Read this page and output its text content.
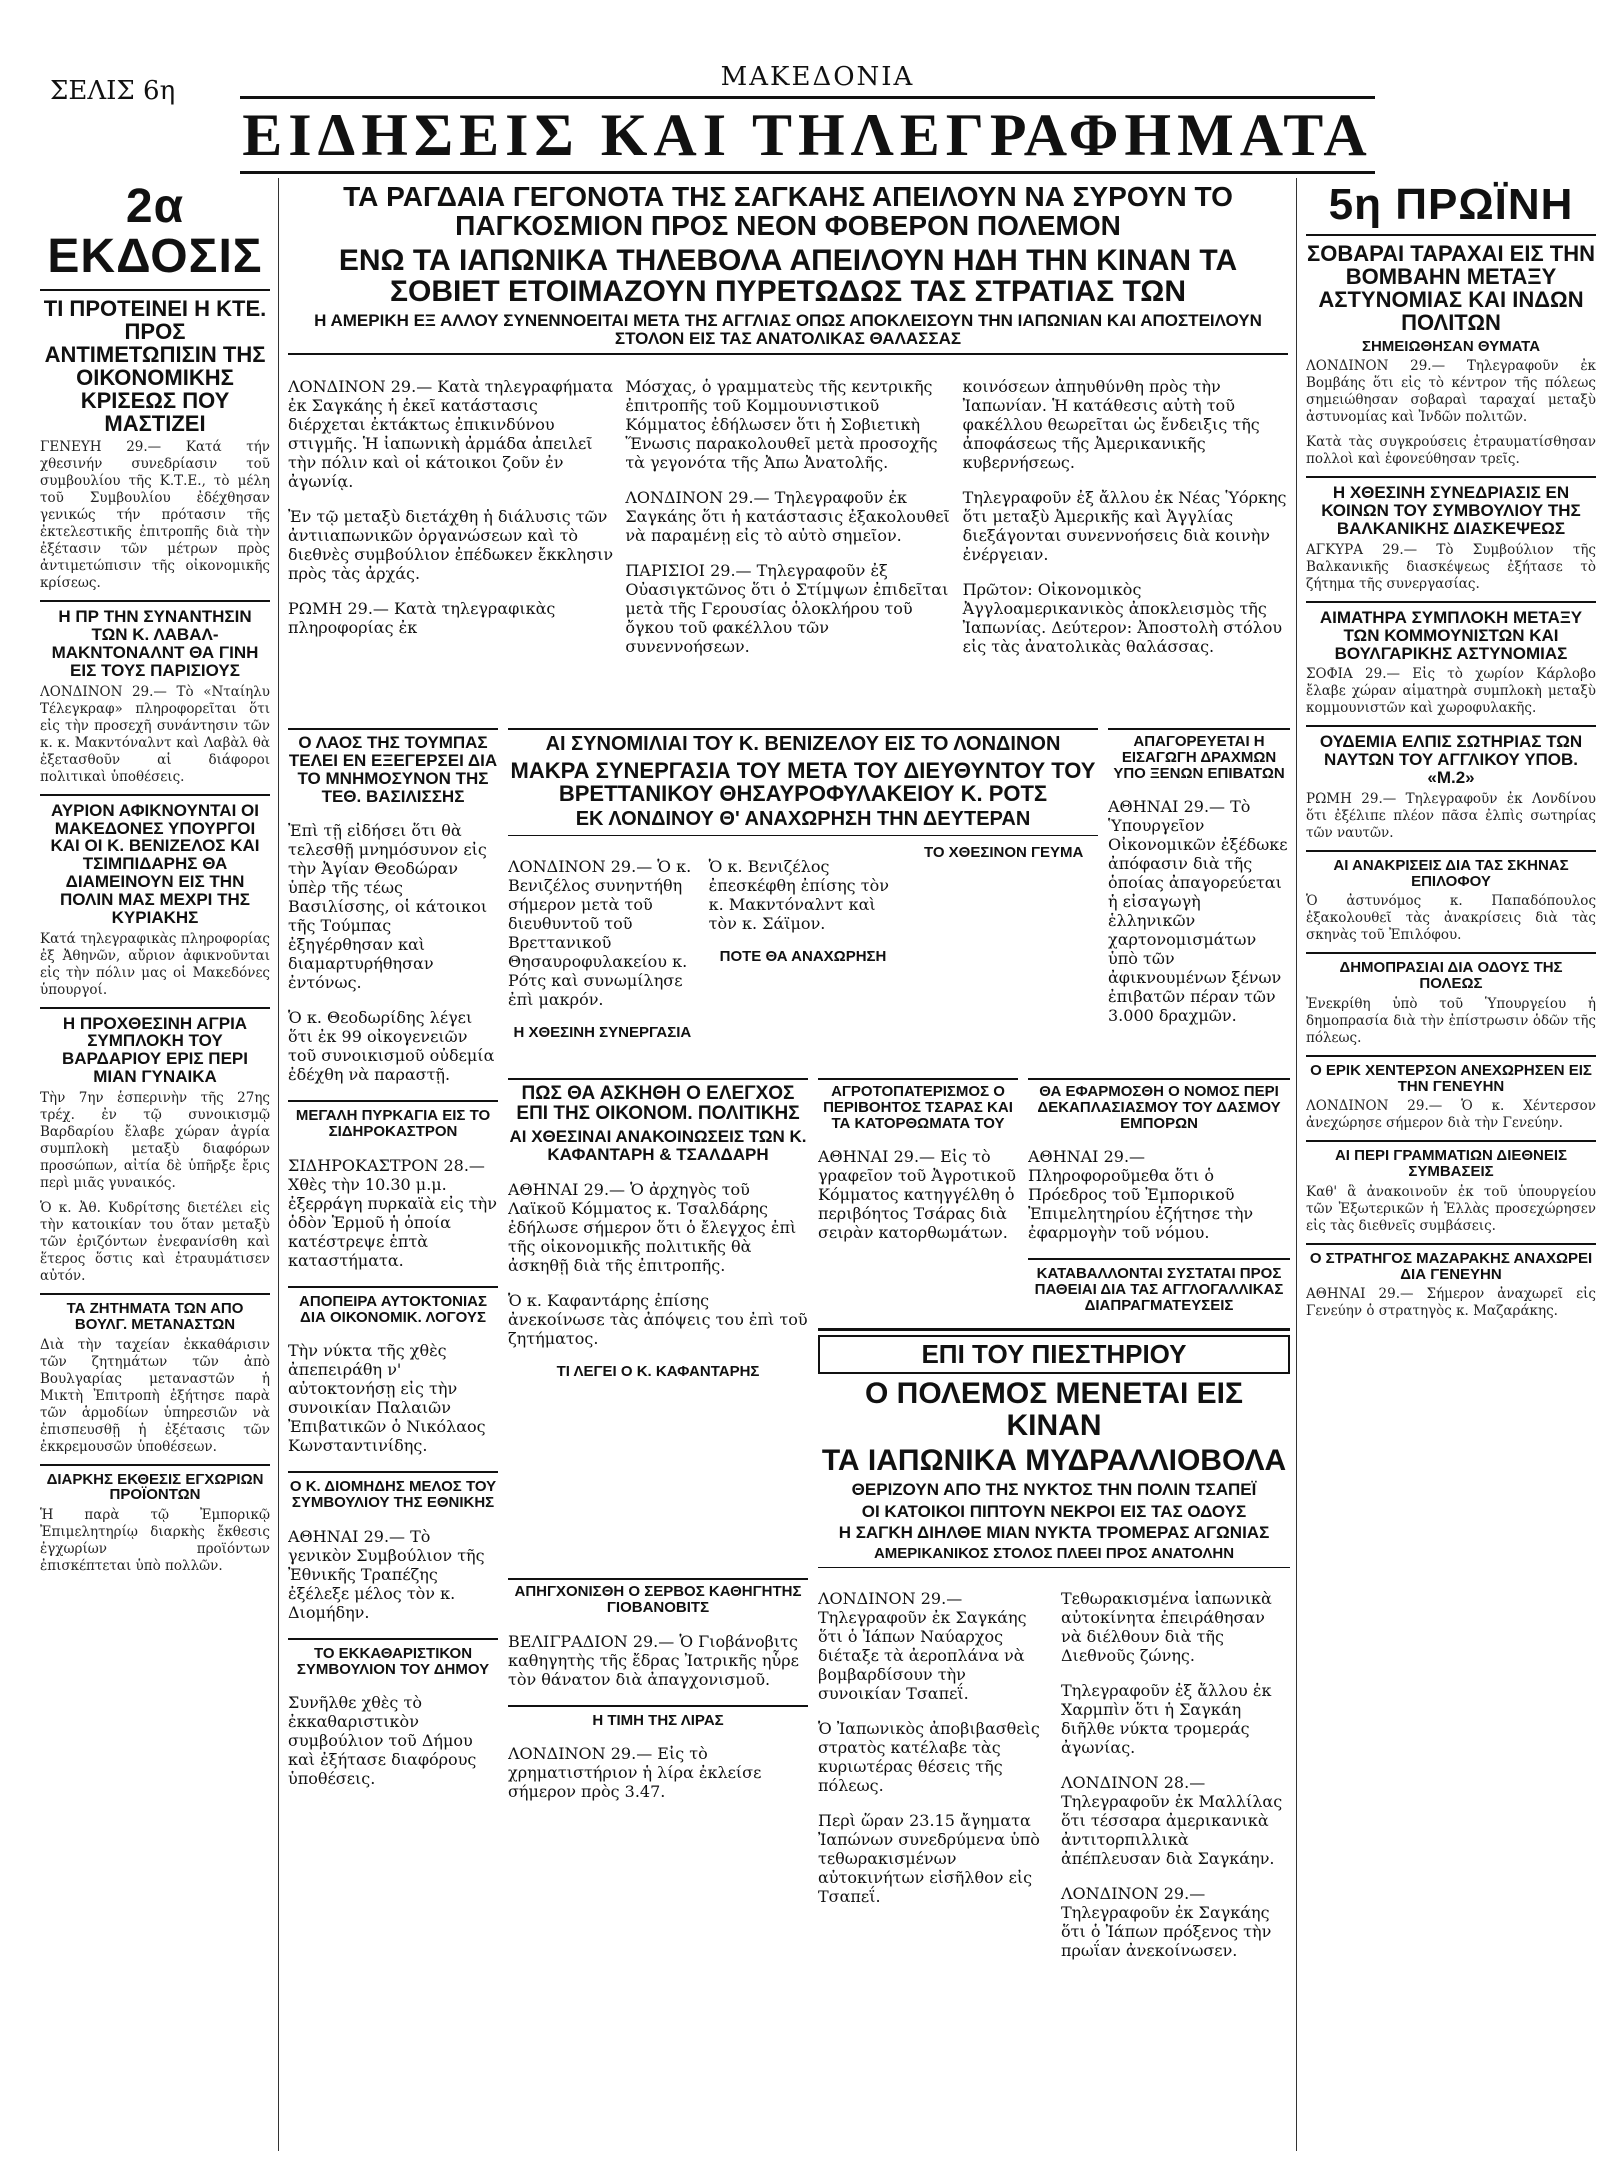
ΣΕΛΙΣ 6η	ΜΑΚΕΔΟΝΙΑ
ΕΙΔΗΣΕΙΣ ΚΑΙ ΤΗΛΕΓΡΑΦΗΜΑΤΑ
2α ΕΚΔΟΣΙΣ
ΤΙ ΠΡΟΤΕΙΝΕΙ Η ΚΤΕ. ΠΡΟΣ ΑΝΤΙΜΕΤΩΠΙΣΙΝ ΤΗΣ ΟΙΚΟΝΟΜΙΚΗΣ ΚΡΙΣΕΩΣ ΠΟΥ ΜΑΣΤΙΖΕΙ

ΓΕΝΕΥΗ 29.— Κατά τήν χθεσινήν συνεδρίασιν τοῦ συμβουλίου τῆς Κ.Τ.Ε., τὸ μέλη τοῦ Συμβουλίου ἐδέχθησαν γενικώς τήν πρότασιν τῆς ἐκτελεστικῆς ἐπιτροπῆς διὰ τὴν ἐξέτασιν τῶν μέτρων πρὸς ἀντιμετώπισιν τῆς οἰκονομικῆς κρίσεως.

Η ΠΡ ΤΗΝ ΣΥΝΑΝΤΗΣΙΝ ΤΩΝ Κ. ΛΑΒΑΛ-ΜΑΚΝΤΟΝΑΛΝΤ ΘΑ ΓΙΝΗ ΕΙΣ ΤΟΥΣ ΠΑΡΙΣΙΟΥΣ

ΛΟΝΔΙΝΟΝ 29.— Τὸ «Νταίηλυ Τέλεγκραφ» πληροφορεῖται ὅτι εἰς τὴν προσεχῆ συνάντησιν τῶν κ. κ. Μακντόναλντ καὶ Λαβὰλ θὰ ἐξετασθοῦν αἱ διάφοροι πολιτικαὶ ὑποθέσεις.

ΑΥΡΙΟΝ ΑΦΙΚΝΟΥΝΤΑΙ ΟΙ ΜΑΚΕΔΟΝΕΣ ΥΠΟΥΡΓΟΙ ΚΑΙ ΟΙ Κ. ΒΕΝΙΖΕΛΟΣ ΚΑΙ ΤΣΙΜΠΙΔΑΡΗΣ ΘΑ ΔΙΑΜΕΙΝΟΥΝ ΕΙΣ ΤΗΝ ΠΟΛΙΝ ΜΑΣ ΜΕΧΡΙ ΤΗΣ ΚΥΡΙΑΚΗΣ

Κατά τηλεγραφικὰς πληροφορίας ἐξ Ἀθηνῶν, αὔριον ἀφικνοῦνται εἰς τὴν πόλιν μας οἱ Μακεδόνες ὑπουργοί.

Η ΠΡΟΧΘΕΣΙΝΗ ΑΓΡΙΑ ΣΥΜΠΛΟΚΗ ΤΟΥ ΒΑΡΔΑΡΙΟΥ ΕΡΙΣ ΠΕΡΙ ΜΙΑΝ ΓΥΝΑΙΚΑ

Τὴν 7ην ἑσπερινὴν τῆς 27ης τρέχ. ἐν τῷ συνοικισμῷ Βαρδαρίου ἔλαβε χώραν ἀγρία συμπλοκὴ μεταξὺ διαφόρων προσώπων, αἰτία δὲ ὑπῆρξε ἔρις περὶ μιᾶς γυναικός.

Ὁ κ. Ἀθ. Κυδρίτσης διετέλει εἰς τὴν κατοικίαν του ὅταν μεταξὺ τῶν ἐριζόντων ἐνεφανίσθη καὶ ἕτερος ὅστις καὶ ἐτραυμάτισεν αὐτόν.

ΤΑ ΖΗΤΗΜΑΤΑ ΤΩΝ ΑΠΟ ΒΟΥΛΓ. ΜΕΤΑΝΑΣΤΩΝ

Διὰ τὴν ταχείαν ἐκκαθάρισιν τῶν ζητημάτων τῶν ἀπὸ Βουλγαρίας μεταναστῶν ἡ Μικτὴ Ἐπιτροπὴ ἐξήτησε παρὰ τῶν ἁρμοδίων ὑπηρεσιῶν νὰ ἐπισπευσθῇ ἡ ἐξέτασις τῶν ἐκκρεμουσῶν ὑποθέσεων.

ΔΙΑΡΚΗΣ ΕΚΘΕΣΙΣ ΕΓΧΩΡΙΩΝ ΠΡΟΪΟΝΤΩΝ

Ἡ παρὰ τῷ Ἐμπορικῷ Ἐπιμελητηρίῳ διαρκὴς ἔκθεσις ἐγχωρίων προϊόντων ἐπισκέπτεται ὑπὸ πολλῶν.

ΤΑ ΡΑΓΔΑΙΑ ΓΕΓΟΝΟΤΑ ΤΗΣ ΣΑΓΚΑΗΣ ΑΠΕΙΛΟΥΝ ΝΑ ΣΥΡΟΥΝ ΤΟ ΠΑΓΚΟΣΜΙΟΝ ΠΡΟΣ ΝΕΟΝ ΦΟΒΕΡΟΝ ΠΟΛΕΜΟΝ
ΕΝΩ ΤΑ ΙΑΠΩΝΙΚΑ ΤΗΛΕΒΟΛΑ ΑΠΕΙΛΟΥΝ ΗΔΗ ΤΗΝ ΚΙΝΑΝ ΤΑ ΣΟΒΙΕΤ ΕΤΟΙΜΑΖΟΥΝ ΠΥΡΕΤΩΔΩΣ ΤΑΣ ΣΤΡΑΤΙΑΣ ΤΩΝ
Η ΑΜΕΡΙΚΗ ΕΞ ΑΛΛΟΥ ΣΥΝΕΝΝΟΕΙΤΑΙ ΜΕΤΑ ΤΗΣ ΑΓΓΛΙΑΣ ΟΠΩΣ ΑΠΟΚΛΕΙΣΟΥΝ ΤΗΝ ΙΑΠΩΝΙΑΝ ΚΑΙ ΑΠΟΣΤΕΙΛΟΥΝ ΣΤΟΛΟΝ ΕΙΣ ΤΑΣ ΑΝΑΤΟΛΙΚΑΣ ΘΑΛΑΣΣΑΣ

ΛΟΝΔΙΝΟΝ 29.— Κατὰ τηλεγραφήματα ἐκ Σαγκάης ἡ ἐκεῖ κατάστασις διέρχεται ἐκτάκτως ἐπικινδύνου στιγμῆς. Ἡ ἰαπωνικὴ ἀρμάδα ἀπειλεῖ τὴν πόλιν καὶ οἱ κάτοικοι ζοῦν ἐν ἀγωνίᾳ.

Ἐν τῷ μεταξὺ διετάχθη ἡ διάλυσις τῶν ἀντιιαπωνικῶν ὀργανώσεων καὶ τὸ διεθνὲς συμβούλιον ἐπέδωκεν ἔκκλησιν πρὸς τὰς ἀρχάς.

ΡΩΜΗ 29.— Κατὰ τηλεγραφικὰς πληροφορίας ἐκ

Μόσχας, ὁ γραμματεὺς τῆς κεντρικῆς ἐπιτροπῆς τοῦ Κομμουνιστικοῦ Κόμματος ἐδήλωσεν ὅτι ἡ Σοβιετικὴ Ἕνωσις παρακολουθεῖ μετὰ προσοχῆς τὰ γεγονότα τῆς Ἀπω Ἀνατολῆς.

ΛΟΝΔΙΝΟΝ 29.— Τηλεγραφοῦν ἐκ Σαγκάης ὅτι ἡ κατάστασις ἐξακολουθεῖ νὰ παραμένῃ εἰς τὸ αὐτὸ σημεῖον.

ΠΑΡΙΣΙΟΙ 29.— Τηλεγραφοῦν ἐξ Οὐασιγκτῶνος ὅτι ὁ Στίμψων ἐπιδεῖται μετὰ τῆς Γερουσίας ὁλοκλήρου τοῦ ὄγκου τοῦ φακέλλου τῶν συνεννοήσεων.

κοινόσεων ἀπηυθύνθη πρὸς τὴν Ἰαπωνίαν. Ἡ κατάθεσις αὐτὴ τοῦ φακέλλου θεωρεῖται ὡς ἔνδειξις τῆς ἀποφάσεως τῆς Ἀμερικανικῆς κυβερνήσεως.

Τηλεγραφοῦν ἐξ ἄλλου ἐκ Νέας Ὑόρκης ὅτι μεταξὺ Ἀμερικῆς καὶ Ἀγγλίας διεξάγονται συνεννοήσεις διὰ κοινὴν ἐνέργειαν.

Πρῶτον: Οἰκονομικὸς Ἀγγλοαμερικανικὸς ἀποκλεισμὸς τῆς Ἰαπωνίας. Δεύτερον: Ἀποστολὴ στόλου εἰς τὰς ἀνατολικὰς θαλάσσας.

5η ΠΡΩΪΝΗ
ΣΟΒΑΡΑΙ ΤΑΡΑΧΑΙ ΕΙΣ ΤΗΝ ΒΟΜΒΑΗΝ ΜΕΤΑΞΥ ΑΣΤΥΝΟΜΙΑΣ ΚΑΙ ΙΝΔΩΝ ΠΟΛΙΤΩΝ
ΣΗΜΕΙΩΘΗΣΑΝ ΘΥΜΑΤΑ

ΛΟΝΔΙΝΟΝ 29.— Τηλεγραφοῦν ἐκ Βομβάης ὅτι εἰς τὸ κέντρον τῆς πόλεως σημειώθησαν σοβαραὶ ταραχαί μεταξὺ ἀστυνομίας καὶ Ἰνδῶν πολιτῶν.

Κατὰ τὰς συγκρούσεις ἐτραυματίσθησαν πολλοὶ καὶ ἐφονεύθησαν τρεῖς.

Η ΧΘΕΣΙΝΗ ΣΥΝΕΔΡΙΑΣΙΣ ΕΝ ΚΟΙΝΩΝ ΤΟΥ ΣΥΜΒΟΥΛΙΟΥ ΤΗΣ ΒΑΛΚΑΝΙΚΗΣ ΔΙΑΣΚΕΨΕΩΣ

ΑΓΚΥΡΑ 29.— Τὸ Συμβούλιον τῆς Βαλκανικῆς διασκέψεως ἐξήτασε τὸ ζήτημα τῆς συνεργασίας.

ΑΙΜΑΤΗΡΑ ΣΥΜΠΛΟΚΗ ΜΕΤΑΞΥ ΤΩΝ ΚΟΜΜΟΥΝΙΣΤΩΝ ΚΑΙ ΒΟΥΛΓΑΡΙΚΗΣ ΑΣΤΥΝΟΜΙΑΣ

ΣΟΦΙΑ 29.— Εἰς τὸ χωρίον Κάρλοβο ἔλαβε χώραν αἱματηρὰ συμπλοκὴ μεταξὺ κομμουνιστῶν καὶ χωροφυλακῆς.

ΟΥΔΕΜΙΑ ΕΛΠΙΣ ΣΩΤΗΡΙΑΣ ΤΩΝ ΝΑΥΤΩΝ ΤΟΥ ΑΓΓΛΙΚΟΥ ΥΠΟΒ. «Μ.2»

ΡΩΜΗ 29.— Τηλεγραφοῦν ἐκ Λονδίνου ὅτι ἐξέλιπε πλέον πᾶσα ἐλπὶς σωτηρίας τῶν ναυτῶν.

ΑΙ ΑΝΑΚΡΙΣΕΙΣ ΔΙΑ ΤΑΣ ΣΚΗΝΑΣ ΕΠΙΛΟΦΟΥ

Ὁ ἀστυνόμος κ. Παπαδόπουλος ἐξακολουθεῖ τὰς ἀνακρίσεις διὰ τὰς σκηνὰς τοῦ Ἐπιλόφου.

ΔΗΜΟΠΡΑΣΙΑΙ ΔΙΑ ΟΔΟΥΣ ΤΗΣ ΠΟΛΕΩΣ

Ἐνεκρίθη ὑπὸ τοῦ Ὑπουργείου ἡ δημοπρασία διὰ τὴν ἐπίστρωσιν ὁδῶν τῆς πόλεως.

Ο ΕΡΙΚ ΧΕΝΤΕΡΣΟΝ ΑΝΕΧΩΡΗΣΕΝ ΕΙΣ ΤΗΝ ΓΕΝΕΥΗΝ

ΛΟΝΔΙΝΟΝ 29.— Ὁ κ. Χέντερσον ἀνεχώρησε σήμερον διὰ τὴν Γενεύην.

ΑΙ ΠΕΡΙ ΓΡΑΜΜΑΤΙΩΝ ΔΙΕΘΝΕΙΣ ΣΥΜΒΑΣΕΙΣ

Καθ' ἃ ἀνακοινοῦν ἐκ τοῦ ὑπουργείου τῶν Ἐξωτερικῶν ἡ Ἑλλὰς προσεχώρησεν εἰς τὰς διεθνεῖς συμβάσεις.

Ο ΣΤΡΑΤΗΓΟΣ ΜΑΖΑΡΑΚΗΣ ΑΝΑΧΩΡΕΙ ΔΙΑ ΓΕΝΕΥΗΝ

ΑΘΗΝΑΙ 29.— Σήμερον ἀναχωρεῖ εἰς Γενεύην ὁ στρατηγὸς κ. Μαζαράκης.

Ο ΛΑΟΣ ΤΗΣ ΤΟΥΜΠΑΣ ΤΕΛΕΙ ΕΝ ΕΞΕΓΕΡΣΕΙ ΔΙΑ ΤΟ ΜΝΗΜΟΣΥΝΟΝ ΤΗΣ ΤΕΘ. ΒΑΣΙΛΙΣΣΗΣ

Ἐπὶ τῇ εἰδήσει ὅτι θὰ τελεσθῇ μνημόσυνον εἰς τὴν Ἀγίαν Θεοδώραν ὑπὲρ τῆς τέως Βασιλίσσης, οἱ κάτοικοι τῆς Τούμπας ἐξηγέρθησαν καὶ διαμαρτυρήθησαν ἐντόνως.

Ὁ κ. Θεοδωρίδης λέγει ὅτι ἐκ 99 οἰκογενειῶν τοῦ συνοικισμοῦ οὐδεμία ἐδέχθη νὰ παραστῇ.

ΜΕΓΑΛΗ ΠΥΡΚΑΓΙΑ ΕΙΣ ΤΟ ΣΙΔΗΡΟΚΑΣΤΡΟΝ

ΣΙΔΗΡΟΚΑΣΤΡΟΝ 28.— Χθὲς τὴν 10.30 μ.μ. ἐξερράγη πυρκαϊὰ εἰς τὴν ὁδὸν Ἑρμοῦ ἡ ὁποία κατέστρεψε ἑπτὰ καταστήματα.

ΑΠΟΠΕΙΡΑ ΑΥΤΟΚΤΟΝΙΑΣ ΔΙΑ ΟΙΚΟΝΟΜΙΚ. ΛΟΓΟΥΣ

Τὴν νύκτα τῆς χθὲς ἀπεπειράθη ν' αὐτοκτονήσῃ εἰς τὴν συνοικίαν Παλαιῶν Ἐπιβατικῶν ὁ Νικόλαος Κωνσταντινίδης.

Ο Κ. ΔΙΟΜΗΔΗΣ ΜΕΛΟΣ ΤΟΥ ΣΥΜΒΟΥΛΙΟΥ ΤΗΣ ΕΘΝΙΚΗΣ

ΑΘΗΝΑΙ 29.— Τὸ γενικὸν Συμβούλιον τῆς Ἐθνικῆς Τραπέζης ἐξέλεξε μέλος τὸν κ. Διομήδην.

ΤΟ ΕΚΚΑΘΑΡΙΣΤΙΚΟΝ ΣΥΜΒΟΥΛΙΟΝ ΤΟΥ ΔΗΜΟΥ

Συνῆλθε χθὲς τὸ ἐκκαθαριστικὸν συμβούλιον τοῦ Δήμου καὶ ἐξήτασε διαφόρους ὑποθέσεις.

ΑΙ ΣΥΝΟΜΙΛΙΑΙ ΤΟΥ Κ. ΒΕΝΙΖΕΛΟΥ ΕΙΣ ΤΟ ΛΟΝΔΙΝΟΝ
ΜΑΚΡΑ ΣΥΝΕΡΓΑΣΙΑ ΤΟΥ ΜΕΤΑ ΤΟΥ ΔΙΕΥΘΥΝΤΟΥ ΤΟΥ ΒΡΕΤΤΑΝΙΚΟΥ ΘΗΣΑΥΡΟΦΥΛΑΚΕΙΟΥ Κ. ΡΟΤΣ
ΕΚ ΛΟΝΔΙΝΟΥ Θ' ΑΝΑΧΩΡΗΣΗ ΤΗΝ ΔΕΥΤΕΡΑΝ

ΛΟΝΔΙΝΟΝ 29.— Ὁ κ. Βενιζέλος συνηντήθη σήμερον μετὰ τοῦ διευθυντοῦ τοῦ Βρεττανικοῦ Θησαυροφυλακείου κ. Ρότς καὶ συνωμίλησε ἐπὶ μακρόν.

Η ΧΘΕΣΙΝΗ ΣΥΝΕΡΓΑΣΙΑ

Ὁ κ. Βενιζέλος ἐπεσκέφθη ἐπίσης τὸν κ. Μακντόναλντ καὶ τὸν κ. Σάϊμον.

ΠΟΤΕ ΘΑ ΑΝΑΧΩΡΗΣΗ
ΤΟ ΧΘΕΣΙΝΟΝ ΓΕΥΜΑ
ΑΠΑΓΟΡΕΥΕΤΑΙ Η ΕΙΣΑΓΩΓΗ ΔΡΑΧΜΩΝ ΥΠΟ ΞΕΝΩΝ ΕΠΙΒΑΤΩΝ

ΑΘΗΝΑΙ 29.— Τὸ Ὑπουργεῖον Οἰκονομικῶν ἐξέδωκε ἀπόφασιν διὰ τῆς ὁποίας ἀπαγορεύεται ἡ εἰσαγωγὴ ἑλληνικῶν χαρτονομισμάτων ὑπὸ τῶν ἀφικνουμένων ξένων ἐπιβατῶν πέραν τῶν 3.000 δραχμῶν.

ΠΩΣ ΘΑ ΑΣΚΗΘΗ Ο ΕΛΕΓΧΟΣ ΕΠΙ ΤΗΣ ΟΙΚΟΝΟΜ. ΠΟΛΙΤΙΚΗΣ
ΑΙ ΧΘΕΣΙΝΑΙ ΑΝΑΚΟΙΝΩΣΕΙΣ ΤΩΝ Κ. ΚΑΦΑΝΤΑΡΗ & ΤΣΑΛΔΑΡΗ

ΑΘΗΝΑΙ 29.— Ὁ ἀρχηγὸς τοῦ Λαϊκοῦ Κόμματος κ. Τσαλδάρης ἐδήλωσε σήμερον ὅτι ὁ ἔλεγχος ἐπὶ τῆς οἰκονομικῆς πολιτικῆς θὰ ἀσκηθῇ διὰ τῆς ἐπιτροπῆς.

Ὁ κ. Καφαντάρης ἐπίσης ἀνεκοίνωσε τὰς ἀπόψεις του ἐπὶ τοῦ ζητήματος.

ΤΙ ΛΕΓΕΙ Ο Κ. ΚΑΦΑΝΤΑΡΗΣ
ΑΓΡΟΤΟΠΑΤΕΡΙΣΜΟΣ Ο ΠΕΡΙΒΟΗΤΟΣ ΤΣΑΡΑΣ ΚΑΙ ΤΑ ΚΑΤΟΡΘΩΜΑΤΑ ΤΟΥ

ΑΘΗΝΑΙ 29.— Εἰς τὸ γραφεῖον τοῦ Ἀγροτικοῦ Κόμματος κατηγγέλθη ὁ περιβόητος Τσάρας διὰ σειρὰν κατορθωμάτων.

ΘΑ ΕΦΑΡΜΟΣΘΗ Ο ΝΟΜΟΣ ΠΕΡΙ ΔΕΚΑΠΛΑΣΙΑΣΜΟΥ ΤΟΥ ΔΑΣΜΟΥ ΕΜΠΟΡΩΝ

ΑΘΗΝΑΙ 29.— Πληροφοροῦμεθα ὅτι ὁ Πρόεδρος τοῦ Ἐμπορικοῦ Ἐπιμελητηρίου ἐζήτησε τὴν ἐφαρμογὴν τοῦ νόμου.

ΚΑΤΑΒΑΛΛΟΝΤΑΙ ΣΥΣΤΑΤΑΙ ΠΡΟΣ ΠΑΘΕΙΑΙ ΔΙΑ ΤΑΣ ΑΓΓΛΟΓΑΛΛΙΚΑΣ ΔΙΑΠΡΑΓΜΑΤΕΥΣΕΙΣ

ΕΠΙ ΤΟΥ ΠΙΕΣΤΗΡΙΟΥ
Ο ΠΟΛΕΜΟΣ ΜΕΝΕΤΑΙ ΕΙΣ ΚΙΝΑΝ
ΤΑ ΙΑΠΩΝΙΚΑ ΜΥΔΡΑΛΛΙΟΒΟΛΑ
ΘΕΡΙΖΟΥΝ ΑΠΟ ΤΗΣ ΝΥΚΤΟΣ ΤΗΝ ΠΟΛΙΝ ΤΣΑΠΕΪ
ΟΙ ΚΑΤΟΙΚΟΙ ΠΙΠΤΟΥΝ ΝΕΚΡΟΙ ΕΙΣ ΤΑΣ ΟΔΟΥΣ
Η ΣΑΓΚΗ ΔΙΗΛΘΕ ΜΙΑΝ ΝΥΚΤΑ ΤΡΟΜΕΡΑΣ ΑΓΩΝΙΑΣ
ΑΜΕΡΙΚΑΝΙΚΟΣ ΣΤΟΛΟΣ ΠΛΕΕΙ ΠΡΟΣ ΑΝΑΤΟΛΗΝ

ΛΟΝΔΙΝΟΝ 29.— Τηλεγραφοῦν ἐκ Σαγκάης ὅτι ὁ Ἰάπων Ναύαρχος διέταξε τὰ ἀεροπλάνα νὰ βομβαρδίσουν τὴν συνοικίαν Τσαπεΐ.

Ὁ Ἰαπωνικὸς ἀποβιβασθεὶς στρατὸς κατέλαβε τὰς κυριωτέρας θέσεις τῆς πόλεως.

Περὶ ὥραν 23.15 ἄγηματα Ἰαπώνων συνεδρύμενα ὑπὸ τεθωρακισμένων αὐτοκινήτων εἰσῆλθον εἰς Τσαπεΐ.

Τεθωρακισμένα ἰαπωνικὰ αὐτοκίνητα ἐπειράθησαν νὰ διέλθουν διὰ τῆς Διεθνοῦς ζώνης.

Τηλεγραφοῦν ἐξ ἄλλου ἐκ Χαρμπὶν ὅτι ἡ Σαγκάη διῆλθε νύκτα τρομεράς ἀγωνίας.

ΛΟΝΔΙΝΟΝ 28.— Τηλεγραφοῦν ἐκ Μαλλίλας ὅτι τέσσαρα ἀμερικανικὰ ἀντιτορπιλλικὰ ἀπέπλευσαν διὰ Σαγκάην.

ΛΟΝΔΙΝΟΝ 29.— Τηλεγραφοῦν ἐκ Σαγκάης ὅτι ὁ Ἰάπων πρόξενος τὴν πρωΐαν ἀνεκοίνωσεν.

ΑΠΗΓΧΟΝΙΣΘΗ Ο ΣΕΡΒΟΣ ΚΑΘΗΓΗΤΗΣ ΓΙΟΒΑΝΟΒΙΤΣ

ΒΕΛΙΓΡΑΔΙΟΝ 29.— Ὁ Γιοβάνοβιτς καθηγητὴς τῆς ἔδρας Ἰατρικῆς ηὗρε τὸν θάνατον διὰ ἀπαγχονισμοῦ.

Η ΤΙΜΗ ΤΗΣ ΛΙΡΑΣ

ΛΟΝΔΙΝΟΝ 29.— Εἰς τὸ χρηματιστήριον ἡ λίρα ἐκλείσε σήμερον πρὸς 3.47.
